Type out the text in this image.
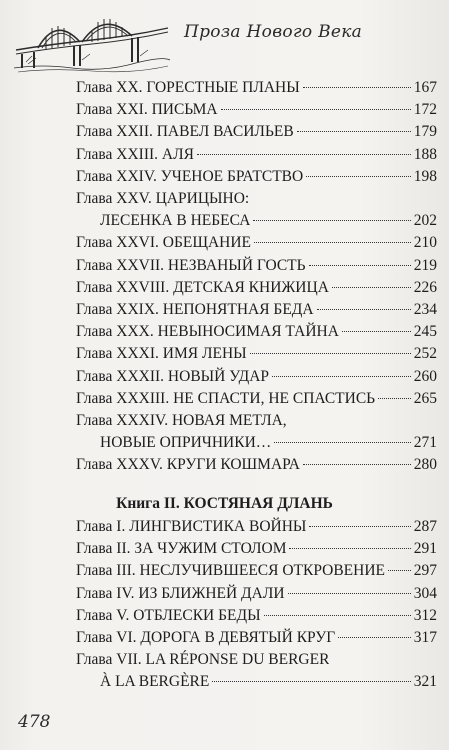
Проза Нового Века
Глава XX. ГОРЕСТНЫЕ ПЛАНЫ	167
Глава XXI. ПИСЬМА	172
Глава XXII. ПАВЕЛ ВАСИЛЬЕВ	179
Глава XXIII. АЛЯ	188
Глава XXIV. УЧЕНОЕ БРАТСТВО	198
Глава XXV. ЦАРИЦЫНО:
ЛЕСЕНКА В НЕБЕСА	202
Глава XXVI. ОБЕЩАНИЕ	210
Глава XXVII. НЕЗВАНЫЙ ГОСТЬ	219
Глава XXVIII. ДЕТСКАЯ КНИЖИЦА	226
Глава XXIX. НЕПОНЯТНАЯ БЕДА	234
Глава XXX. НЕВЫНОСИМАЯ ТАЙНА	245
Глава XXXI. ИМЯ ЛЕНЫ	252
Глава XXXII. НОВЫЙ УДАР	260
Глава XXXIII. НЕ СПАСТИ, НЕ СПАСТИСЬ 265
Глава XXXIV. НОВАЯ МЕТЛА,
НОВЫЕ ОПРИЧНИКИ…	271
Глава XXXV. КРУГИ КОШМАРА	280
Глава I. ЛИНГВИСТИКА ВОЙНЫ	287
Глава II. ЗА ЧУЖИМ СТОЛОМ	291
Глава III. НЕСЛУЧИВШЕЕСЯ ОТКРОВЕНИЕ 297
Глава IV. ИЗ БЛИЖНЕЙ ДАЛИ	304
Глава V. ОТБЛЕСКИ БЕДЫ	312
Глава VI. ДОРОГА В ДЕВЯТЫЙ КРУГ	317
Глава VII. LA RÉPONSE DU BERGER
À LA BERGÈRE	321
Книга II. КОСТЯНАЯ ДЛАНЬ
478
